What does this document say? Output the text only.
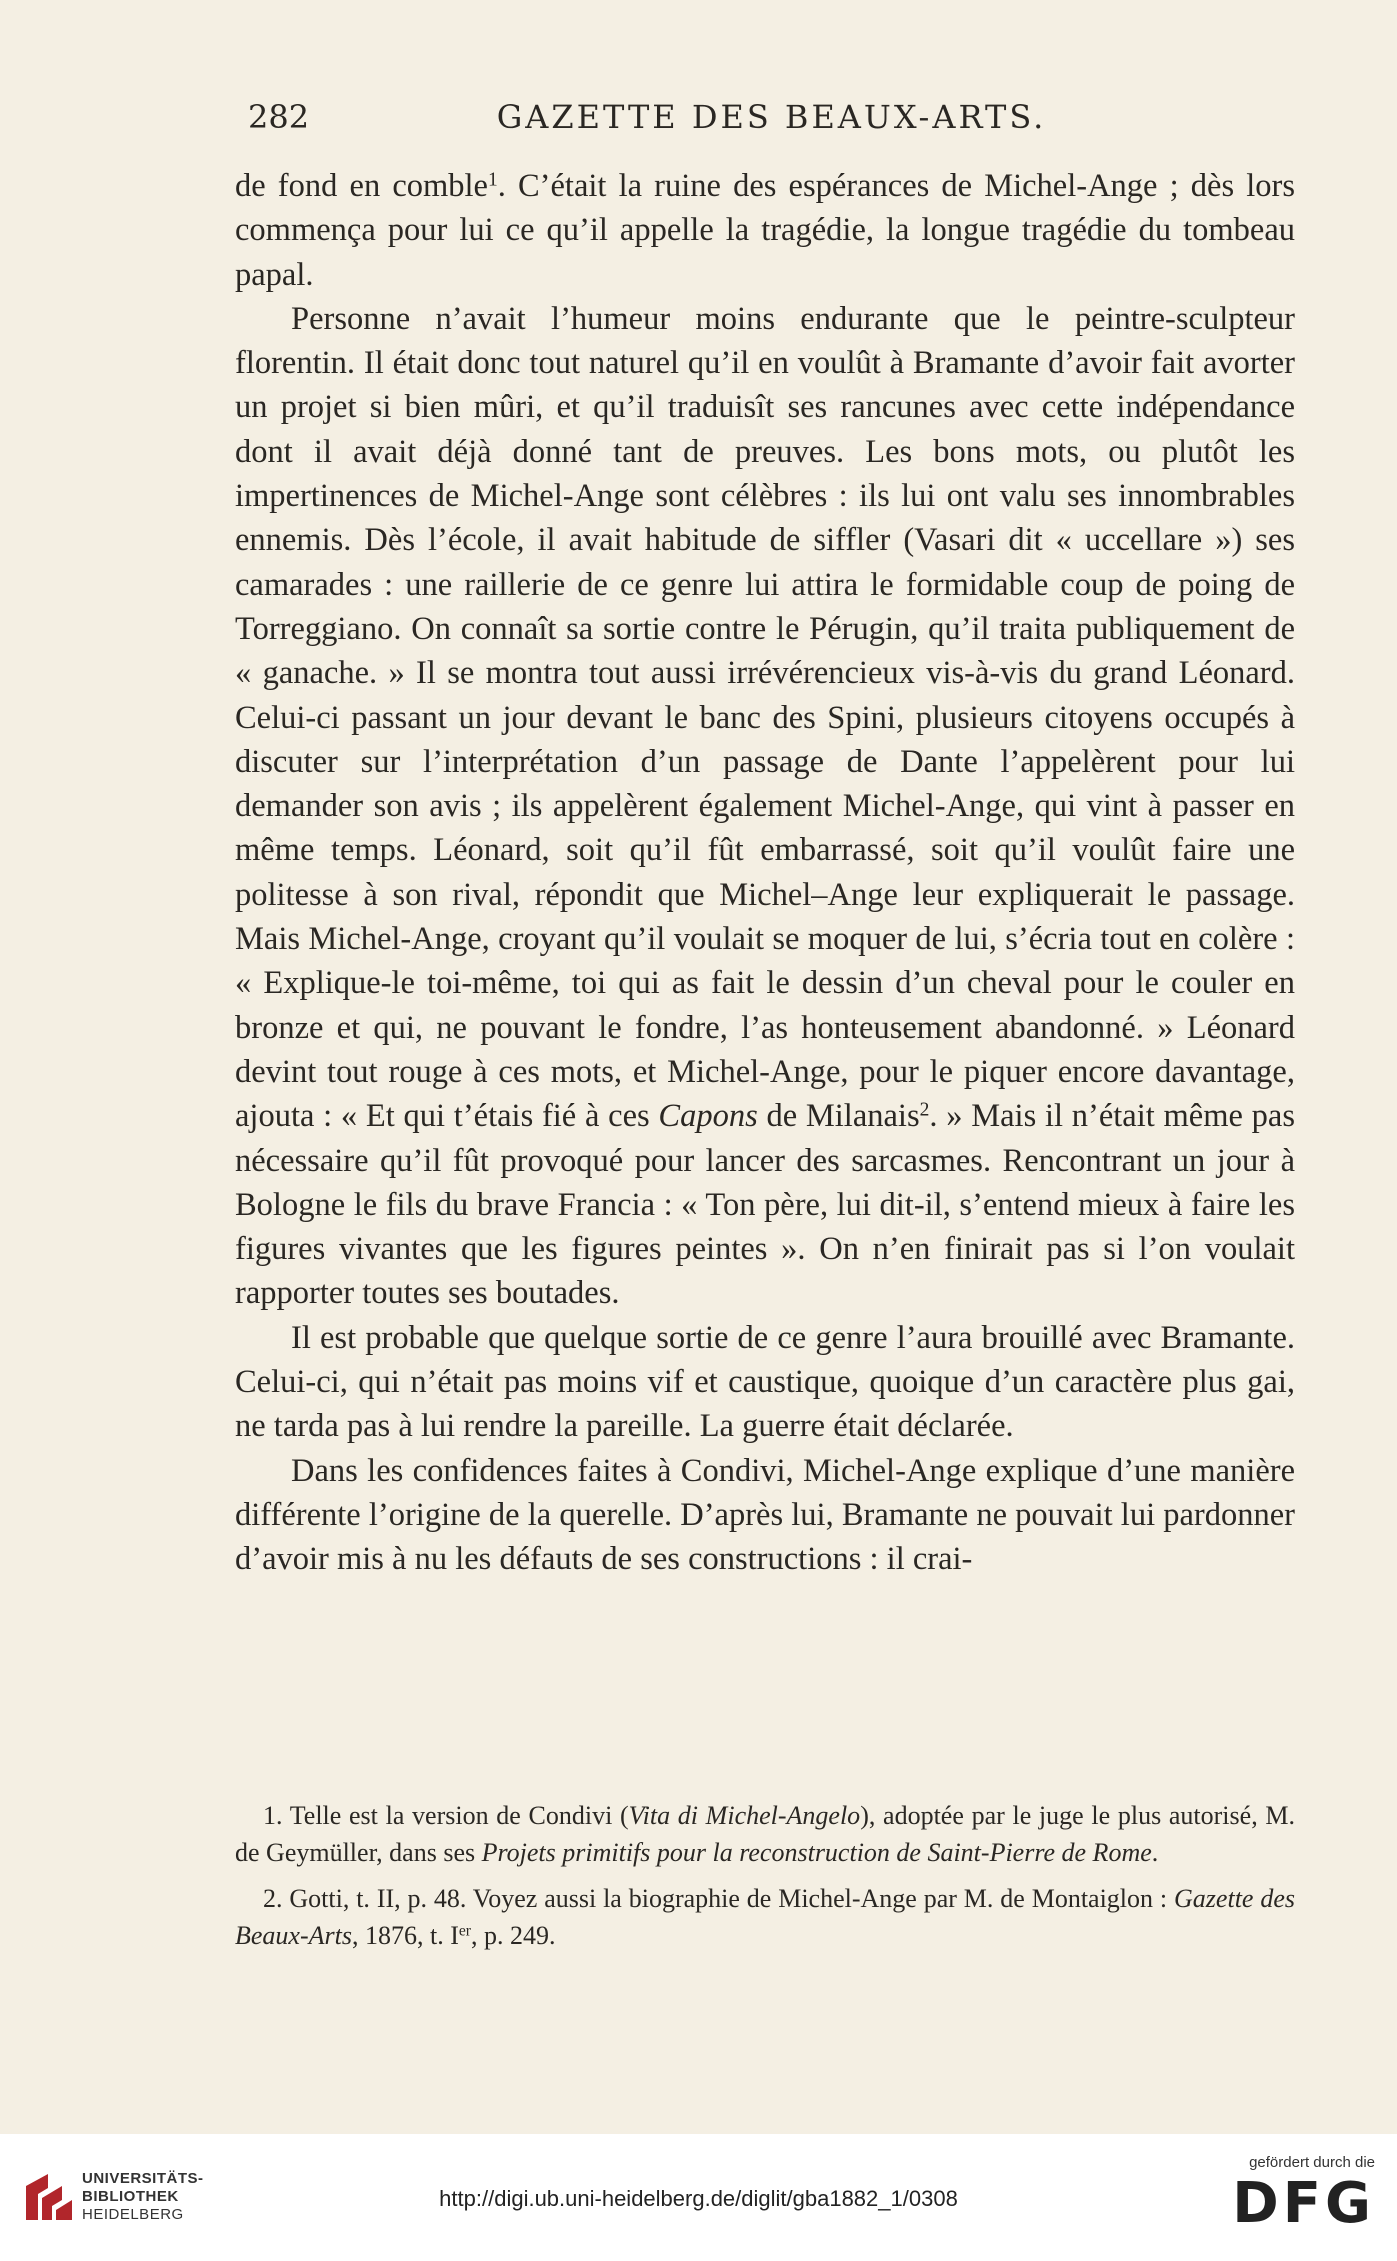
282	GAZETTE DES BEAUX-ARTS.

de fond en comble$^1$. C’était la ruine des espérances de Michel-Ange ; dès lors commença pour lui ce qu’il appelle la tragédie, la longue tragédie du tombeau papal.

Personne n’avait l’humeur moins endurante que le peintre-sculpteur florentin. Il était donc tout naturel qu’il en voulût à Bramante d’avoir fait avorter un projet si bien mûri, et qu’il traduisît ses rancunes avec cette indépendance dont il avait déjà donné tant de preuves. Les bons mots, ou plutôt les impertinences de Michel-Ange sont célèbres : ils lui ont valu ses innombrables ennemis. Dès l’école, il avait habitude de siffler (Vasari dit « uccellare ») ses camarades : une raillerie de ce genre lui attira le formidable coup de poing de Torreggiano. On connaît sa sortie contre le Pérugin, qu’il traita publiquement de « ganache. » Il se montra tout aussi irrévérencieux vis-à-vis du grand Léonard. Celui-ci passant un jour devant le banc des Spini, plusieurs citoyens occupés à discuter sur l’interprétation d’un passage de Dante l’appelèrent pour lui demander son avis ; ils appelèrent également Michel-Ange, qui vint à passer en même temps. Léonard, soit qu’il fût embarrassé, soit qu’il voulût faire une politesse à son rival, répondit que Michel–Ange leur expliquerait le passage. Mais Michel-Ange, croyant qu’il voulait se moquer de lui, s’écria tout en colère : « Explique-le toi-même, toi qui as fait le dessin d’un cheval pour le couler en bronze et qui, ne pouvant le fondre, l’as honteusement abandonné. » Léonard devint tout rouge à ces mots, et Michel-Ange, pour le piquer encore davantage, ajouta : « Et qui t’étais fié à ces Capons de Milanais$^2$. » Mais il n’était même pas nécessaire qu’il fût provoqué pour lancer des sarcasmes. Rencontrant un jour à Bologne le fils du brave Francia : « Ton père, lui dit-il, s’entend mieux à faire les figures vivantes que les figures peintes ». On n’en finirait pas si l’on voulait rapporter toutes ses boutades.

Il est probable que quelque sortie de ce genre l’aura brouillé avec Bramante. Celui-ci, qui n’était pas moins vif et caustique, quoique d’un caractère plus gai, ne tarda pas à lui rendre la pareille. La guerre était déclarée.

Dans les confidences faites à Condivi, Michel-Ange explique d’une manière différente l’origine de la querelle. D’après lui, Bramante ne pouvait lui pardonner d’avoir mis à nu les défauts de ses constructions : il crai-

1. Telle est la version de Condivi (Vita di Michel-Angelo), adoptée par le juge le plus autorisé, M. de Geymüller, dans ses Projets primitifs pour la reconstruction de Saint-Pierre de Rome.

2. Gotti, t. II, p. 48. Voyez aussi la biographie de Michel-Ange par M. de Montaiglon : Gazette des Beaux-Arts, 1876, t. Ier, p. 249.

UNIVERSITÄTS-
BIBLIOTHEK
HEIDELBERG
http://digi.ub.uni-heidelberg.de/diglit/gba1882_1/0308
gefördert durch die
DFG
